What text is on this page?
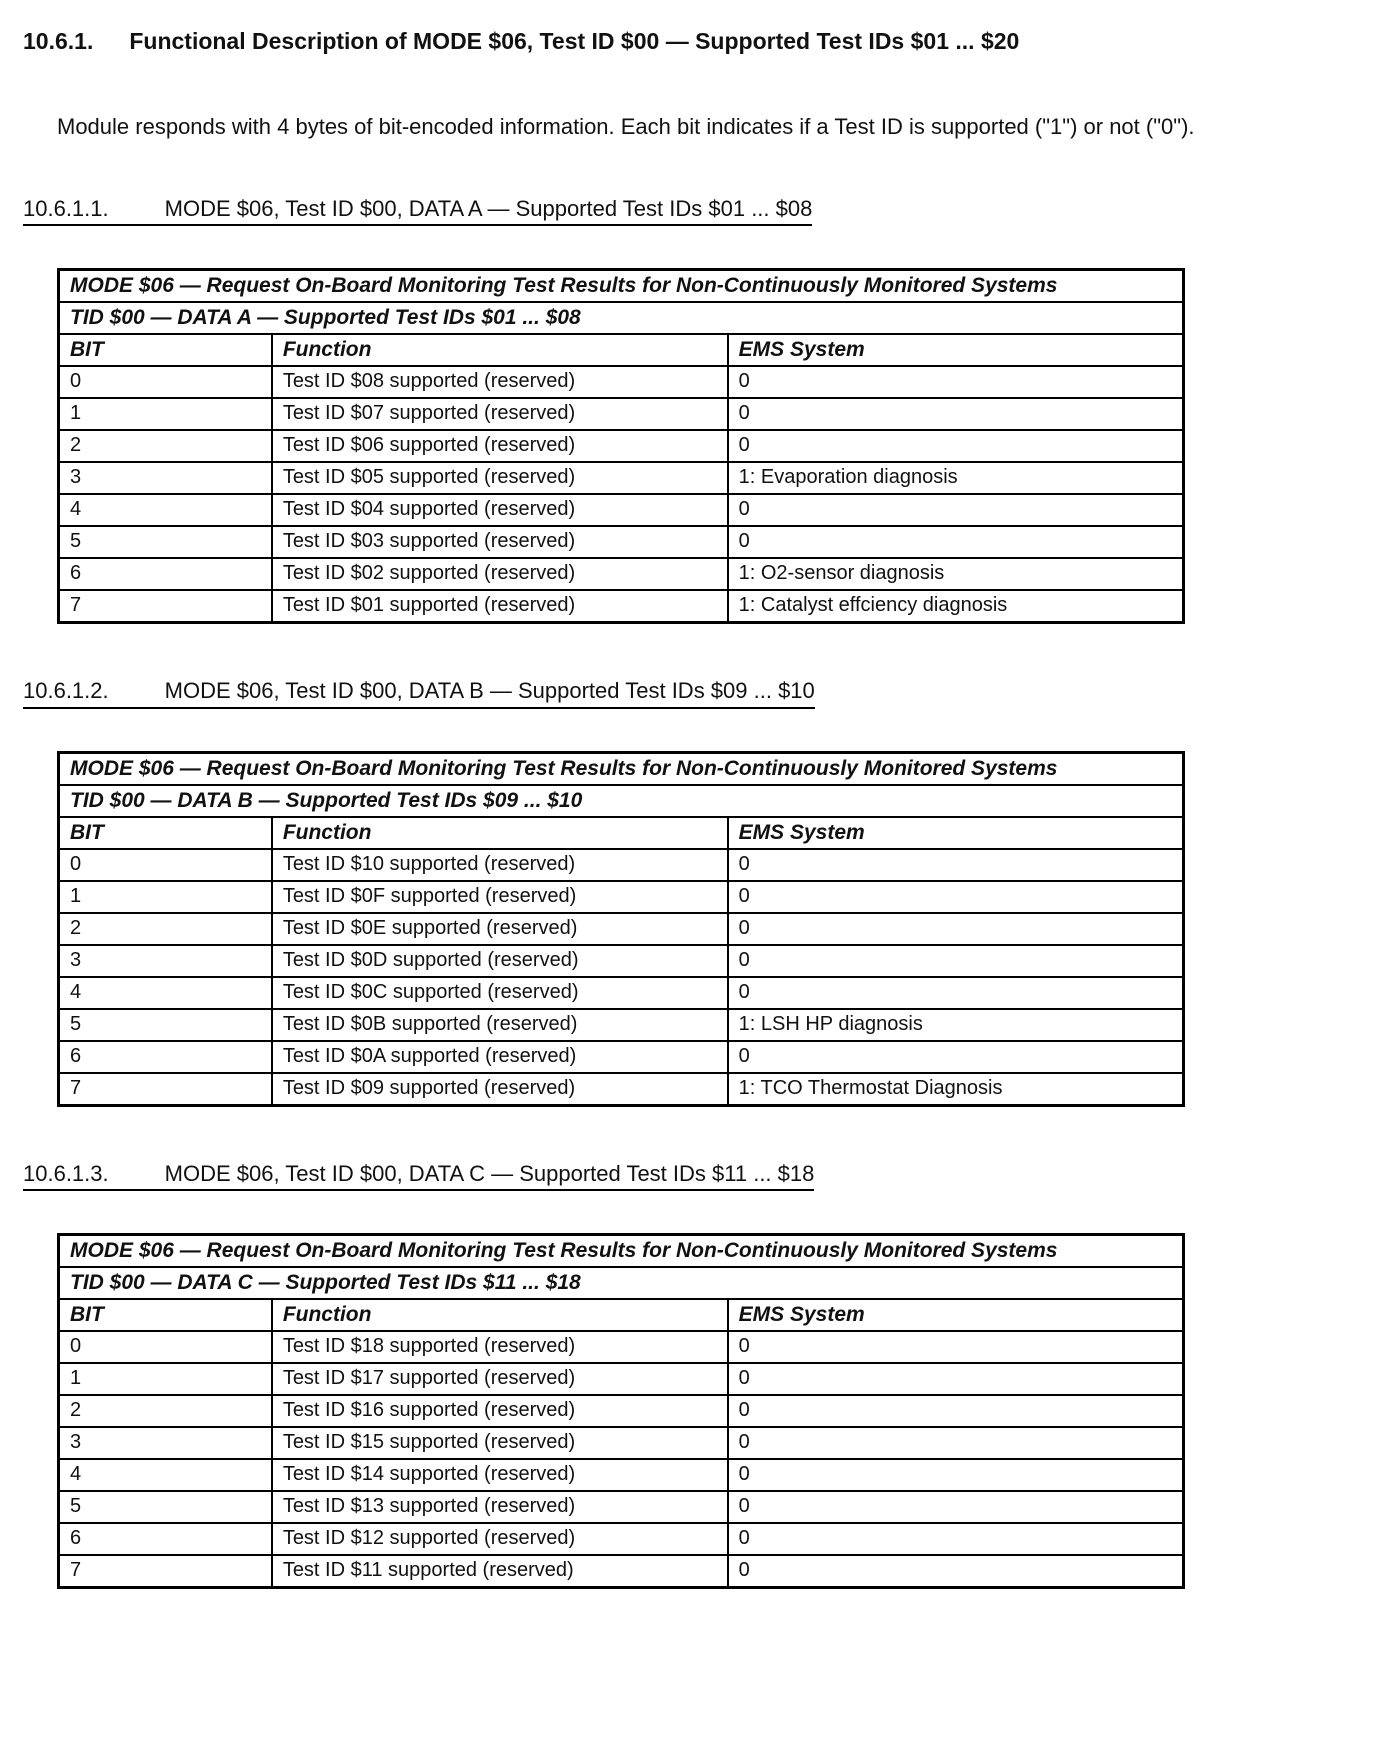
10.6.1. Functional Description of MODE $06, Test ID $00 — Supported Test IDs $01 ... $20

Module responds with 4 bytes of bit-encoded information. Each bit indicates if a Test ID is supported ("1") or not ("0").

10.6.1.1.	MODE $06, Test ID $00, DATA A — Supported Test IDs $01 ... $08
MODE $06 — Request On-Board Monitoring Test Results for Non-Continuously Monitored Systems		
TID $00 — DATA A — Supported Test IDs $01 ... $08		
BIT	Function	EMS System
0	Test ID $08 supported (reserved)	0
1	Test ID $07 supported (reserved)	0
2	Test ID $06 supported (reserved)	0
3	Test ID $05 supported (reserved)	1: Evaporation diagnosis
4	Test ID $04 supported (reserved)	0
5	Test ID $03 supported (reserved)	0
6	Test ID $02 supported (reserved)	1: O2-sensor diagnosis
7	Test ID $01 supported (reserved)	1: Catalyst effciency diagnosis
10.6.1.2.	MODE $06, Test ID $00, DATA B — Supported Test IDs $09 ... $10
MODE $06 — Request On-Board Monitoring Test Results for Non-Continuously Monitored Systems		
TID $00 — DATA B — Supported Test IDs $09 ... $10		
BIT	Function	EMS System
0	Test ID $10 supported (reserved)	0
1	Test ID $0F supported (reserved)	0
2	Test ID $0E supported (reserved)	0
3	Test ID $0D supported (reserved)	0
4	Test ID $0C supported (reserved)	0
5	Test ID $0B supported (reserved)	1: LSH HP diagnosis
6	Test ID $0A supported (reserved)	0
7	Test ID $09 supported (reserved)	1: TCO Thermostat Diagnosis
10.6.1.3.	MODE $06, Test ID $00, DATA C — Supported Test IDs $11 ... $18
MODE $06 — Request On-Board Monitoring Test Results for Non-Continuously Monitored Systems		
TID $00 — DATA C — Supported Test IDs $11 ... $18		
BIT	Function	EMS System
0	Test ID $18 supported (reserved)	0
1	Test ID $17 supported (reserved)	0
2	Test ID $16 supported (reserved)	0
3	Test ID $15 supported (reserved)	0
4	Test ID $14 supported (reserved)	0
5	Test ID $13 supported (reserved)	0
6	Test ID $12 supported (reserved)	0
7	Test ID $11 supported (reserved)	0
